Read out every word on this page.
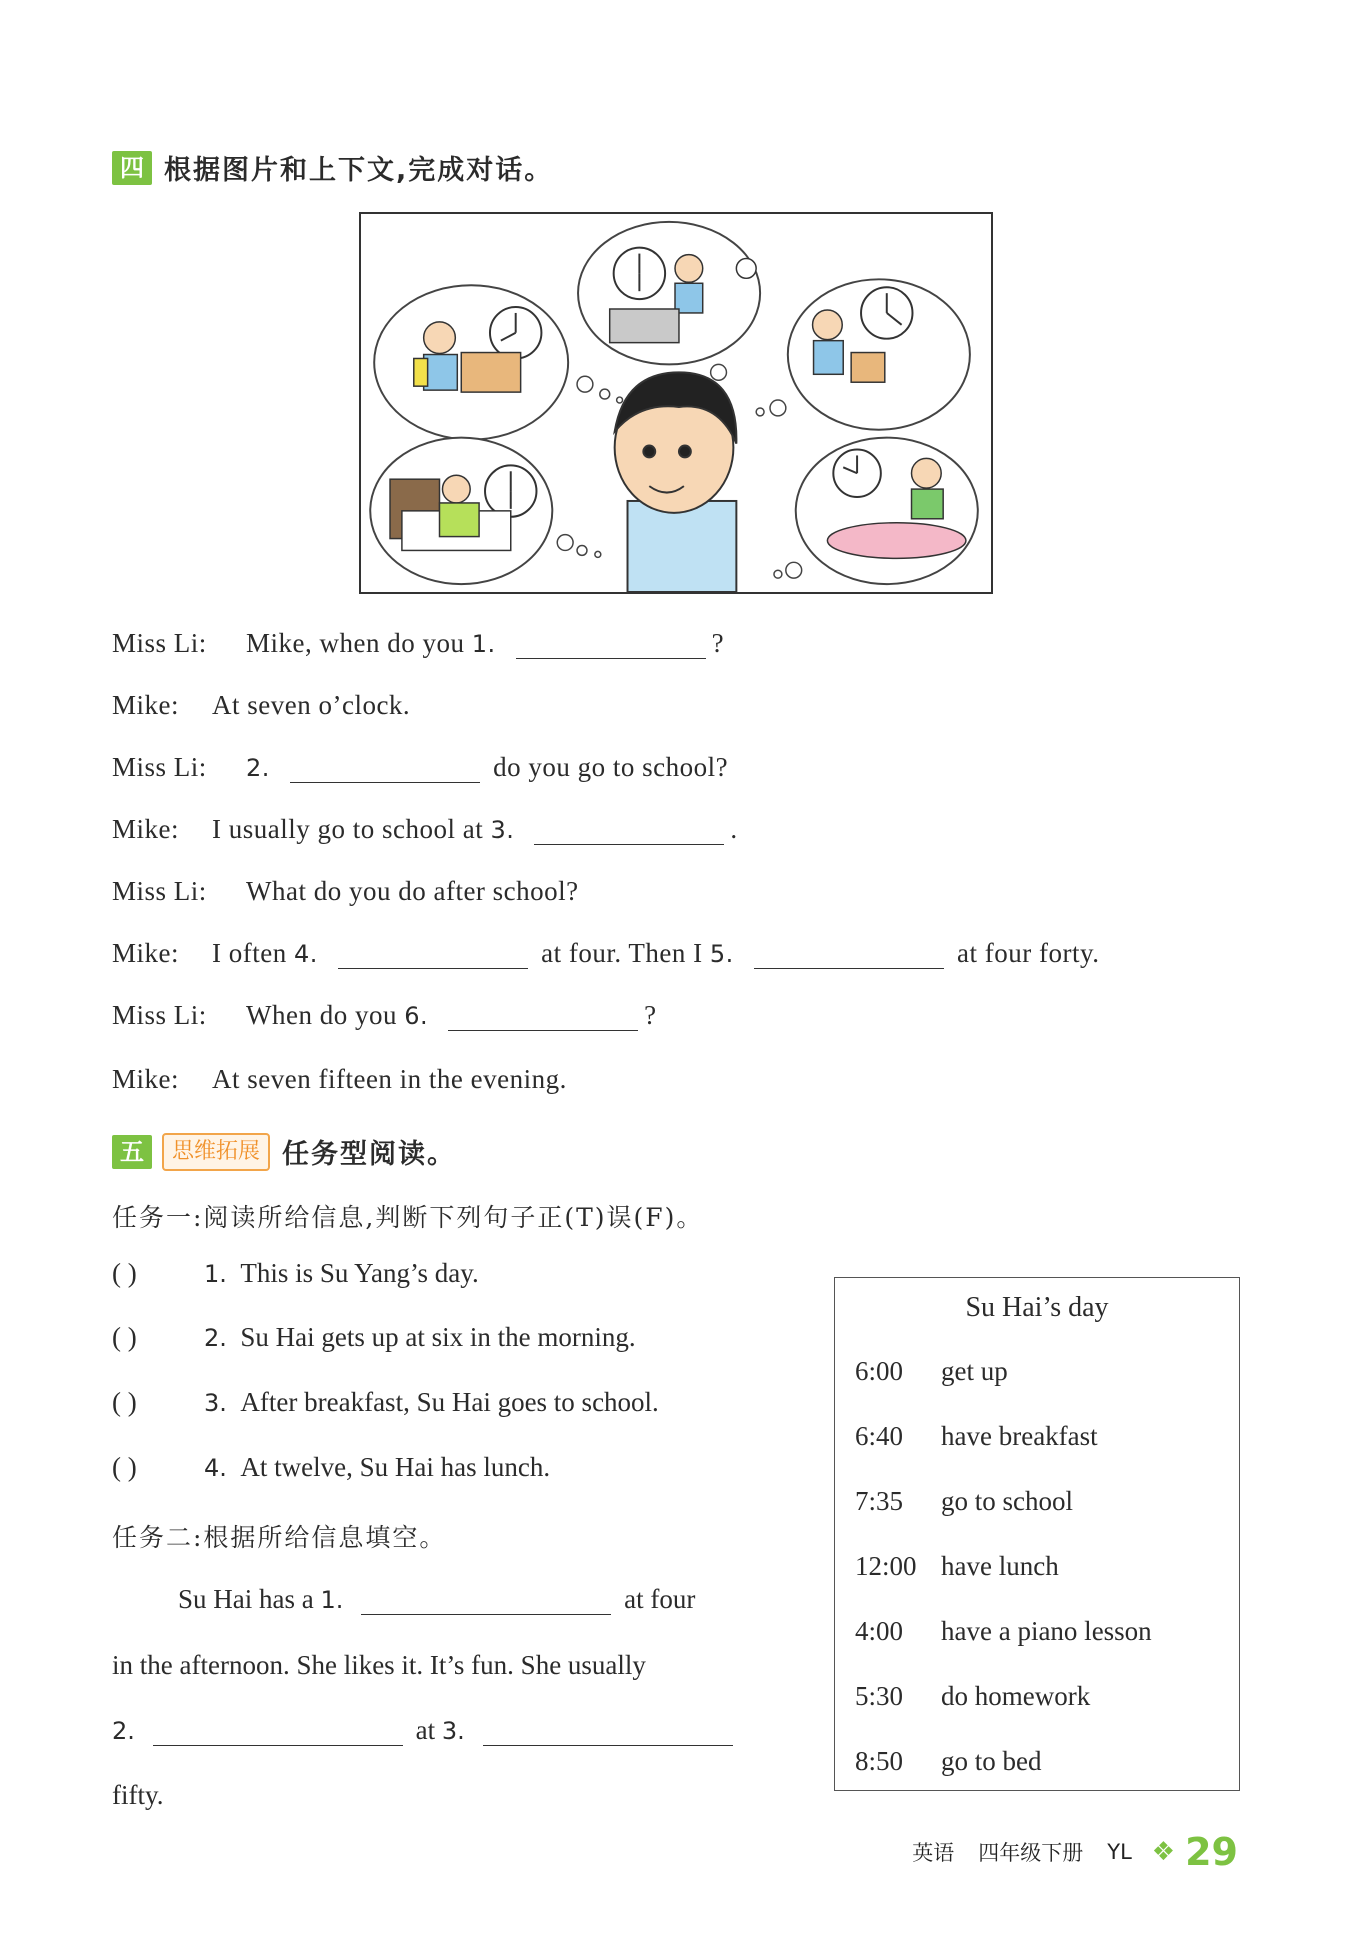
四 根据图片和上下文,完成对话。
Miss Li: Mike, when do you 1.	?
Mike: At seven o’clock.
Miss Li: 2.	do you go to school?
Mike: I usually go to school at 3.	.
Miss Li: What do you do after school?
Mike: I often 4.	at four. Then I 5.	at four forty.
Miss Li: When do you 6.	?
Mike: At seven fifteen in the evening.
五	思维拓展 任务型阅读。
任务一:阅读所给信息,判断下列句子正(T)误(F)。
( )	1. This is Su Yang’s day.
( )	2. Su Hai gets up at six in the morning.
( )	3. After breakfast, Su Hai goes to school.
( )	4. At twelve, Su Hai has lunch.
任务二:根据所给信息填空。
Su Hai has a 1.	at four
in the afternoon. She likes it. It’s fun. She usually
2.	at 3.
fifty.
Su Hai’s day
6:00 get up
6:40 have breakfast
7:35 go to school
12:00 have lunch
4:00 have a piano lesson
5:30 do homework
8:50 go to bed
英语 四年级下册 YL ❖ 29
